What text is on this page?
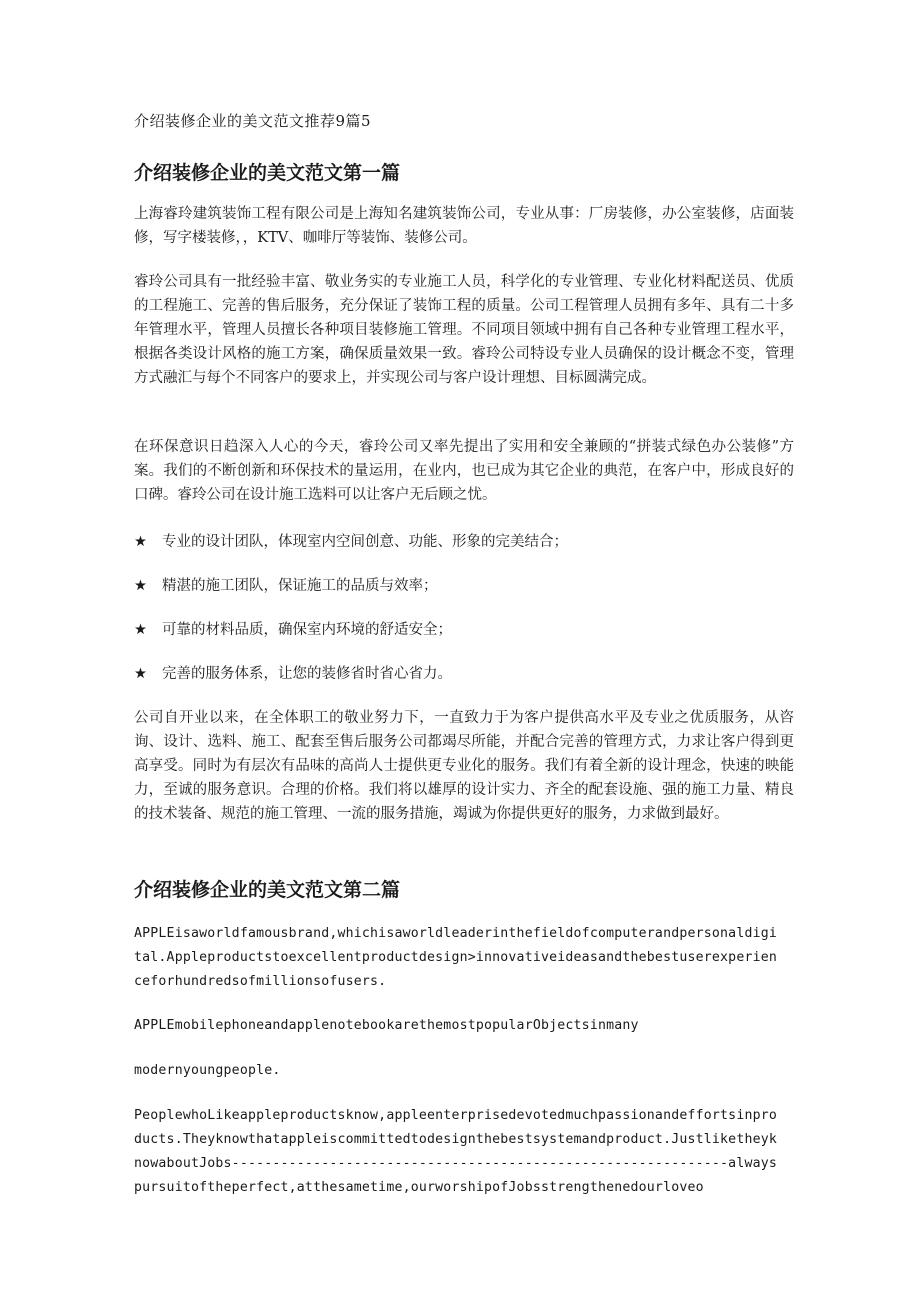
介绍装修企业的美文范文推荐9篇5
介绍装修企业的美文范文第一篇

上海睿玲建筑装饰工程有限公司是上海知名建筑装饰公司，专业从事：厂房装修，办公室装修，店面装修，写字楼装修，，KTV、咖啡厅等装饰、装修公司。

睿玲公司具有一批经验丰富、敬业务实的专业施工人员，科学化的专业管理、专业化材料配送员、优质的工程施工、完善的售后服务，充分保证了装饰工程的质量。公司工程管理人员拥有多年、具有二十多年管理水平，管理人员擅长各种项目装修施工管理。不同项目领域中拥有自己各种专业管理工程水平，根据各类设计风格的施工方案，确保质量效果一致。睿玲公司特设专业人员确保的设计概念不变，管理方式融汇与每个不同客户的要求上，并实现公司与客户设计理想、目标圆满完成。

在环保意识日趋深入人心的今天，睿玲公司又率先提出了实用和安全兼顾的“拼装式绿色办公装修”方案。我们的不断创新和环保技术的量运用，在业内，也已成为其它企业的典范，在客户中，形成良好的口碑。睿玲公司在设计施工选料可以让客户无后顾之忧。

★	专业的设计团队，体现室内空间创意、功能、形象的完美结合；
★	精湛的施工团队，保证施工的品质与效率；
★	可靠的材料品质，确保室内环境的舒适安全；
★	完善的服务体系，让您的装修省时省心省力。

公司自开业以来，在全体职工的敬业努力下，一直致力于为客户提供高水平及专业之优质服务，从咨询、设计、选料、施工、配套至售后服务公司都竭尽所能，并配合完善的管理方式，力求让客户得到更高享受。同时为有层次有品味的高尚人士提供更专业化的服务。我们有着全新的设计理念，快速的映能力，至诚的服务意识。合理的价格。我们将以雄厚的设计实力、齐全的配套设施、强的施工力量、精良的技术装备、规范的施工管理、一流的服务措施，竭诚为你提供更好的服务，力求做到最好。

介绍装修企业的美文范文第二篇

APPLEisaworldfamousbrand,whichisaworldleaderinthefieldofcomputerandpersonaldigital.Appleproductstoexcellentproductdesign>innovativeideasandthebestuserexperienceforhundredsofmillionsofusers.

APPLEmobilephoneandapplenotebookarethemostpopularObjectsinmany

modernyoungpeople.

PeoplewhoLikeappleproductsknow,appleenterprisedevotedmuchpassionandeffortsinproducts.Theyknowthatappleiscommittedtodesignthebestsystemandproduct.JustliketheyknowaboutJobs-------------------------------------------------------------alwayspursuitoftheperfect,atthesametime,ourworshipofJobsstrengthenedourloveo
